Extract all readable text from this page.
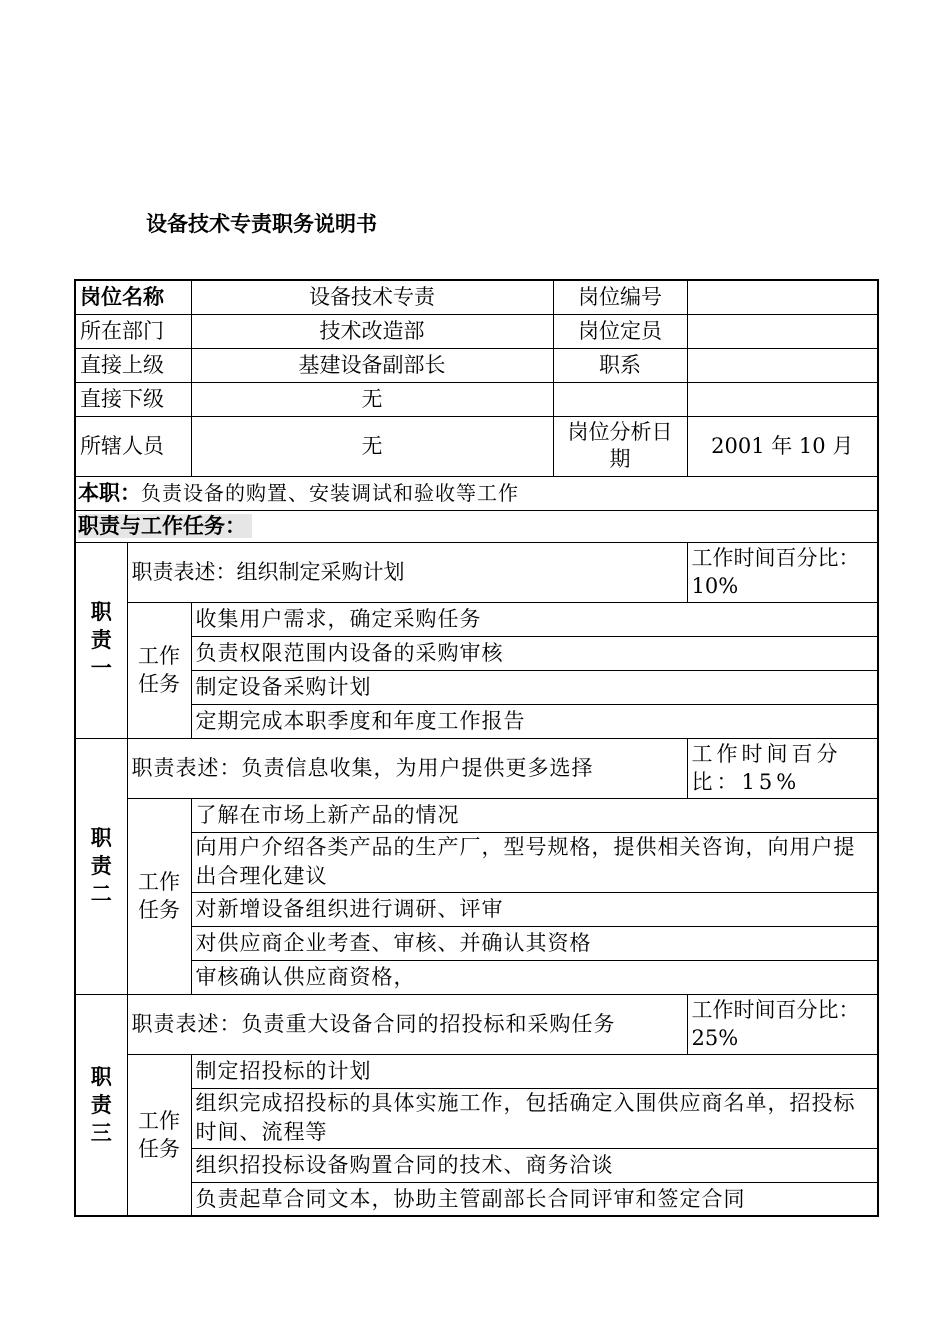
设备技术专责职务说明书
岗位名称		设备技术专责	岗位编号	
所在部门		技术改造部	岗位定员	
直接上级		基建设备副部长	职系	
直接下级		无		
所辖人员		无	岗位分析日期	2001 年 10 月
本职：负责设备的购置、安装调试和验收等工作				
职责与工作任务：				
职责一	职责表述：组织制定采购计划			工作时间百分比：10%
	工作任务	收集用户需求，确定采购任务		
		负责权限范围内设备的采购审核		
		制定设备采购计划		
		定期完成本职季度和年度工作报告		
职责二	职责表述：负责信息收集，为用户提供更多选择			工作时间百分比：15%
	工作任务	了解在市场上新产品的情况		
		向用户介绍各类产品的生产厂，型号规格，提供相关咨询，向用户提出合理化建议		
		对新增设备组织进行调研、评审		
		对供应商企业考查、审核、并确认其资格		
		审核确认供应商资格，		
职责三	职责表述：负责重大设备合同的招投标和采购任务			工作时间百分比：25%
	工作任务	制定招投标的计划		
		组织完成招投标的具体实施工作，包括确定入围供应商名单，招投标时间、流程等		
		组织招投标设备购置合同的技术、商务洽谈		
		负责起草合同文本，协助主管副部长合同评审和签定合同		
